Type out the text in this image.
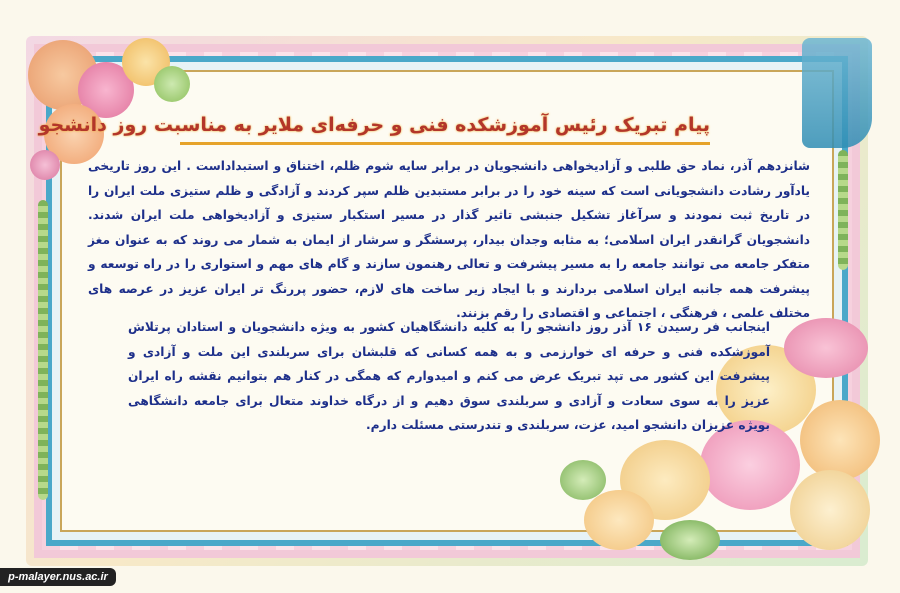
پیام تبریک رئیس آموزشکده فنی و حرفه‌ای ملایر به مناسبت روز دانشجو

شانزدهم آذر، نماد حق طلبی و آزادیخواهی دانشجویان در برابر سایه شوم ظلم، اختناق و استبداداست . این روز تاریخی یادآور رشادت دانشجویانی است که سینه خود را در برابر مستبدین ظلم سپر کردند و آزادگی و ظلم ستیزی ملت ایران را در تاریخ ثبت نمودند و سرآغاز تشکیل جنبشی تاثیر گذار در مسیر استکبار ستیزی و آزادیخواهی ملت ایران شدند. دانشجویان گرانقدر ایران اسلامی؛ به مثابه وجدان بیدار، پرسشگر و سرشار از ایمان به شمار می روند که به عنوان مغز متفکر جامعه می توانند جامعه را به مسیر پیشرفت و تعالی رهنمون سازند و گام های مهم و استواری را در راه توسعه و پیشرفت همه جانبه ایران اسلامی بردارند و با ایجاد زیر ساخت های لازم، حضور پررنگ تر ایران عزیز در عرصه های مختلف علمی ، فرهنگی ، اجتماعی و اقتصادی را رقم بزنند.

اینجانب فر رسیدن ۱۶ آذر روز دانشجو را به کلیه دانشگاهیان کشور به ویژه دانشجویان و استادان پرتلاش آموزشکده فنی و حرفه ای خوارزمی و به همه کسانی که قلبشان برای سربلندی این ملت و آزادی و پیشرفت این کشور می تپد تبریک عرض می کنم و امیدوارم که همگی در کنار هم بتوانیم نقشه راه ایران عزیز را به سوی سعادت و آزادی و سربلندی سوق دهیم و از درگاه خداوند متعال برای جامعه دانشگاهی بویژه عزیزان دانشجو امید، عزت، سربلندی و تندرستی مسئلت دارم.

p-malayer.nus.ac.ir
